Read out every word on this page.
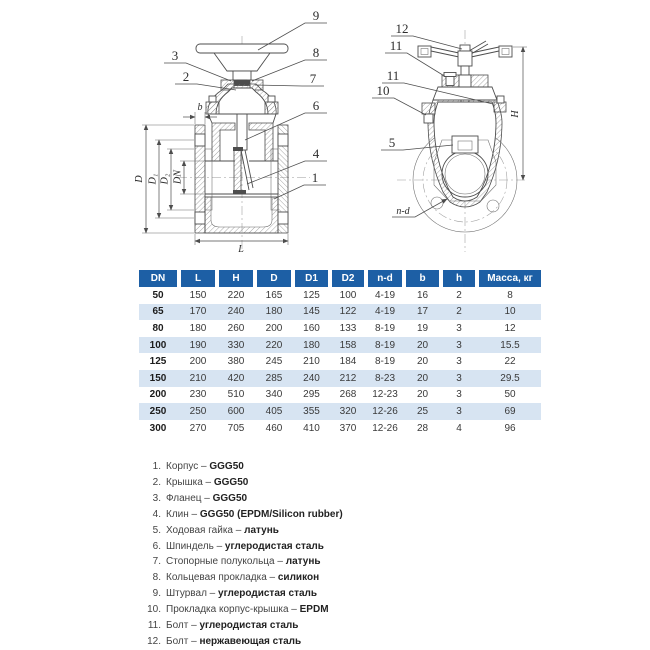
D D₁ D₂ DN
b
L
9
8
7
6
4
1
3
2
H
n-d
12
11
11
10
5
DN	L	H	D	D1	D2	n-d	b	h	Масса, кг
50	150	220	165	125	100	4-19	16	2	8
65	170	240	180	145	122	4-19	17	2	10
80	180	260	200	160	133	8-19	19	3	12
100	190	330	220	180	158	8-19	20	3	15.5
125	200	380	245	210	184	8-19	20	3	22
150	210	420	285	240	212	8-23	20	3	29.5
200	230	510	340	295	268	12-23	20	3	50
250	250	600	405	355	320	12-26	25	3	69
300	270	705	460	410	370	12-26	28	4	96
1. Корпус – GGG50
2. Крышка – GGG50
3. Фланец – GGG50
4. Клин – GGG50 (EPDM/Silicon rubber)
5. Ходовая гайка – латунь
6. Шпиндель – углеродистая сталь
7. Стопорные полукольца – латунь
8. Кольцевая прокладка – силикон
9. Штурвал – углеродистая сталь
10. Прокладка корпус-крышка – EPDM
11. Болт – углеродистая сталь
12. Болт – нержавеющая сталь
